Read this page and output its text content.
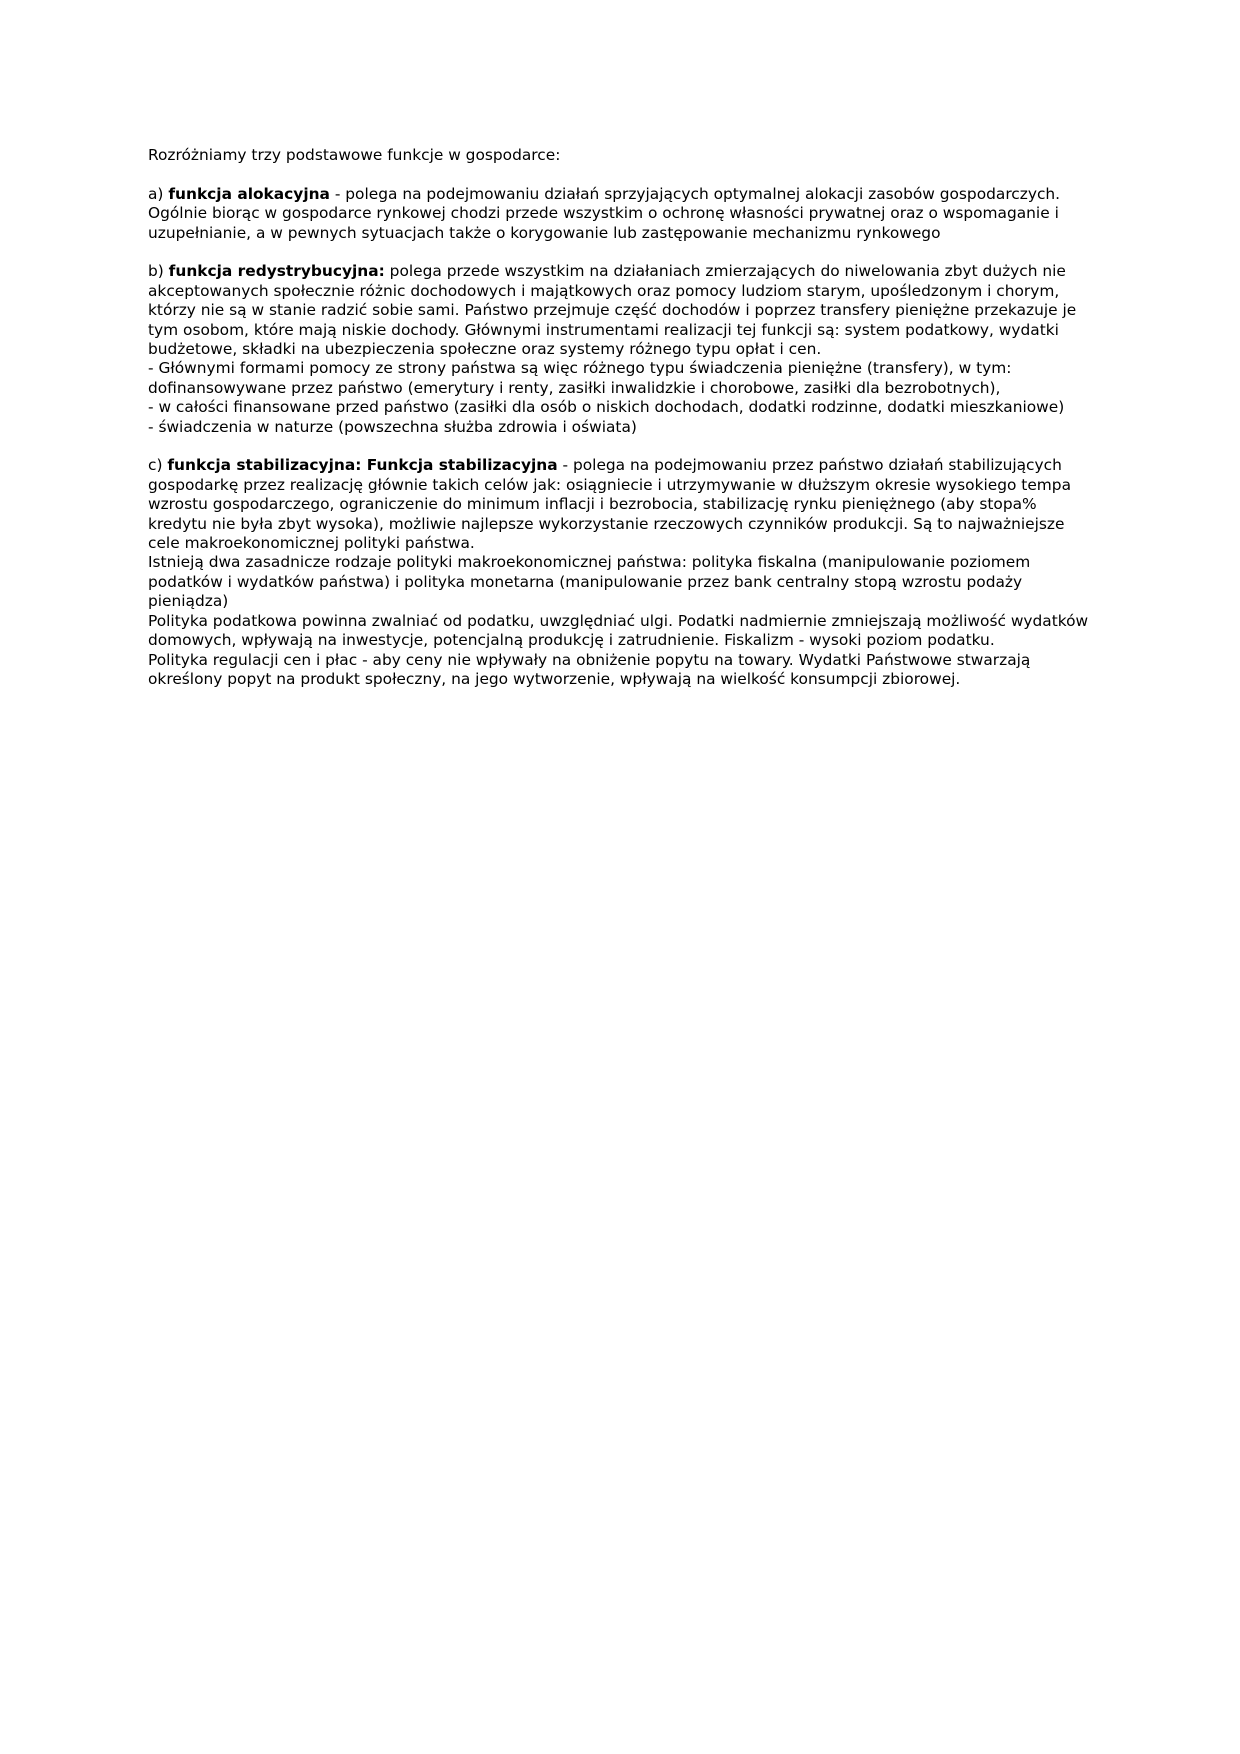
Rozróżniamy trzy podstawowe funkcje w gospodarce:

a) funkcja alokacyjna - polega na podejmowaniu działań sprzyjających optymalnej alokacji zasobów gospodarczych. Ogólnie biorąc w gospodarce rynkowej chodzi przede wszystkim o ochronę własności prywatnej oraz o wspomaganie i uzupełnianie, a w pewnych sytuacjach także o korygowanie lub zastępowanie mechanizmu rynkowego

b) funkcja redystrybucyjna: polega przede wszystkim na działaniach zmierzających do niwelowania zbyt dużych nie akceptowanych społecznie różnic dochodowych i majątkowych oraz pomocy ludziom starym, upośledzonym i chorym, którzy nie są w stanie radzić sobie sami. Państwo przejmuje część dochodów i poprzez transfery pieniężne przekazuje je tym osobom, które mają niskie dochody. Głównymi instrumentami realizacji tej funkcji są: system podatkowy, wydatki budżetowe, składki na ubezpieczenia społeczne oraz systemy różnego typu opłat i cen.

- Głównymi formami pomocy ze strony państwa są więc różnego typu świadczenia pieniężne (transfery), w tym: dofinansowywane przez państwo (emerytury i renty, zasiłki inwalidzkie i chorobowe, zasiłki dla bezrobotnych),

- w całości finansowane przed państwo (zasiłki dla osób o niskich dochodach, dodatki rodzinne, dodatki mieszkaniowe)

- świadczenia w naturze (powszechna służba zdrowia i oświata)

c) funkcja stabilizacyjna: Funkcja stabilizacyjna - polega na podejmowaniu przez państwo działań stabilizujących gospodarkę przez realizację głównie takich celów jak: osiągniecie i utrzymywanie w dłuższym okresie wysokiego tempa wzrostu gospodarczego, ograniczenie do minimum inflacji i bezrobocia, stabilizację rynku pieniężnego (aby stopa% kredytu nie była zbyt wysoka), możliwie najlepsze wykorzystanie rzeczowych czynników produkcji. Są to najważniejsze cele makroekonomicznej polityki państwa.

Istnieją dwa zasadnicze rodzaje polityki makroekonomicznej państwa: polityka fiskalna (manipulowanie poziomem podatków i wydatków państwa) i polityka monetarna (manipulowanie przez bank centralny stopą wzrostu podaży pieniądza)

Polityka podatkowa powinna zwalniać od podatku, uwzględniać ulgi. Podatki nadmiernie zmniejszają możliwość wydatków domowych, wpływają na inwestycje, potencjalną produkcję i zatrudnienie. Fiskalizm - wysoki poziom podatku.

Polityka regulacji cen i płac - aby ceny nie wpływały na obniżenie popytu na towary. Wydatki Państwowe stwarzają określony popyt na produkt społeczny, na jego wytworzenie, wpływają na wielkość konsumpcji zbiorowej.
